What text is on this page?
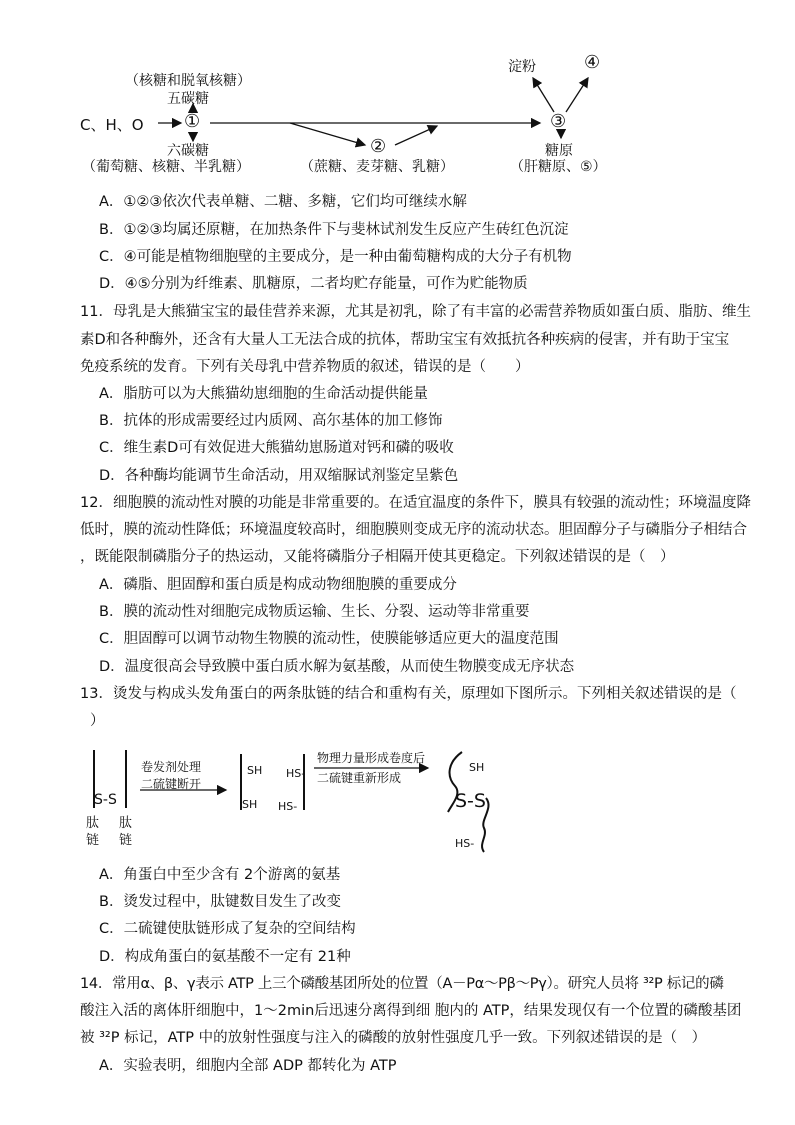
（核糖和脱氧核糖）
五碳糖
C、H、O ①
六碳糖
（葡萄糖、核糖、半乳糖）
②
（蔗糖、麦芽糖、乳糖）
淀粉	④
③
糖原
（肝糖原、⑤）
A．①②③依次代表单糖、二糖、多糖，它们均可继续水解
B．①②③均属还原糖，在加热条件下与斐林试剂发生反应产生砖红色沉淀
C．④可能是植物细胞壁的主要成分，是一种由葡萄糖构成的大分子有机物
D．④⑤分别为纤维素、肌糖原，二者均贮存能量，可作为贮能物质
11．母乳是大熊猫宝宝的最佳营养来源，尤其是初乳，除了有丰富的必需营养物质如蛋白质、脂肪、维生
素D和各种酶外，还含有大量人工无法合成的抗体，帮助宝宝有效抵抗各种疾病的侵害，并有助于宝宝
免疫系统的发育。下列有关母乳中营养物质的叙述，错误的是（　　）
A．脂肪可以为大熊猫幼崽细胞的生命活动提供能量
B．抗体的形成需要经过内质网、高尔基体的加工修饰
C．维生素D可有效促进大熊猫幼崽肠道对钙和磷的吸收
D．各种酶均能调节生命活动，用双缩脲试剂鉴定呈紫色
12．细胞膜的流动性对膜的功能是非常重要的。在适宜温度的条件下，膜具有较强的流动性；环境温度降
低时，膜的流动性降低；环境温度较高时，细胞膜则变成无序的流动状态。胆固醇分子与磷脂分子相结合
，既能限制磷脂分子的热运动，又能将磷脂分子相隔开使其更稳定。下列叙述错误的是（　）
A．磷脂、胆固醇和蛋白质是构成动物细胞膜的重要成分
B．膜的流动性对细胞完成物质运输、生长、分裂、运动等非常重要
C．胆固醇可以调节动物生物膜的流动性，使膜能够适应更大的温度范围
D．温度很高会导致膜中蛋白质水解为氨基酸，从而使生物膜变成无序状态
13．烫发与构成头发角蛋白的两条肽链的结合和重构有关，原理如下图所示。下列相关叙述错误的是（
）
S-S
肽
链
肽
链
卷发剂处理
二硫键断开
SH
SH
HS-
HS-
物理力量形成卷度后
二硫键重新形成
SH
S-S
HS-
A．角蛋白中至少含有 2个游离的氨基
B．烫发过程中，肽键数目发生了改变
C．二硫键使肽链形成了复杂的空间结构
D．构成角蛋白的氨基酸不一定有 21种
14．常用α、β、γ表示 ATP 上三个磷酸基团所处的位置（A－Pα～Pβ～Pγ）。研究人员将 ³²P 标记的磷
酸注入活的离体肝细胞中，1～2min后迅速分离得到细 胞内的 ATP，结果发现仅有一个位置的磷酸基团
被 ³²P 标记，ATP 中的放射性强度与注入的磷酸的放射性强度几乎一致。下列叙述错误的是（　）
A．实验表明，细胞内全部 ADP 都转化为 ATP
